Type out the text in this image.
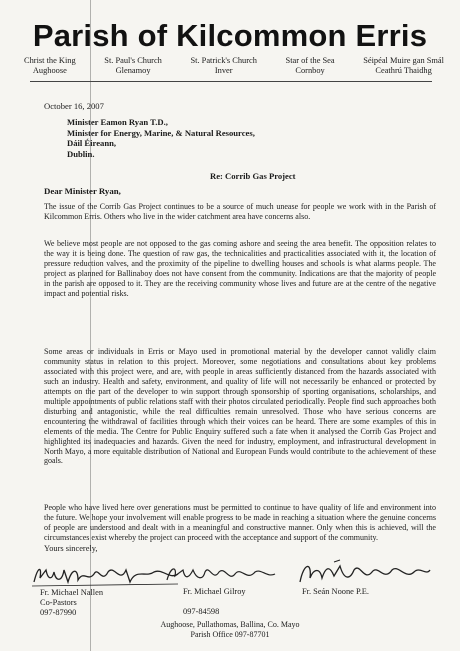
Parish of Kilcommon Erris
Christ the King
Aughoose
St. Paul's Church
Glenamoy
St. Patrick's Church
Inver
Star of the Sea
Cornboy
Séipéal Muire gan Smál
Ceathrú Thaidhg
October 16, 2007
Minister Eamon Ryan T.D.,
Minister for Energy, Marine, & Natural Resources,
Dáil Éireann,
Dublin.
Re: Corrib Gas Project
Dear Minister Ryan,

The issue of the Corrib Gas Project continues to be a source of much unease for people we work with in the Parish of Kilcommon Erris. Others who live in the wider catchment area have concerns also.

We believe most people are not opposed to the gas coming ashore and seeing the area benefit. The opposition relates to the way it is being done. The question of raw gas, the technicalities and practicalities associated with it, the location of pressure reduction valves, and the proximity of the pipeline to dwelling houses and schools is what alarms people. The project as planned for Ballinaboy does not have consent from the community. Indications are that the majority of people in the parish are opposed to it. They are the receiving community whose lives and future are at the centre of the negative impact and potential risks.

Some areas or individuals in Erris or Mayo used in promotional material by the developer cannot validly claim community status in relation to this project. Moreover, some negotiations and consultations about key problems associated with this project were, and are, with people in areas sufficiently distanced from the hazards associated with such an industry. Health and safety, environment, and quality of life will not necessarily be enhanced or protected by attempts on the part of the developer to win support through sponsorship of sporting organisations, scholarships, and multiple appointments of public relations staff with their photos circulated periodically. People find such approaches both disturbing and antagonistic, while the real difficulties remain unresolved. Those who have serious concerns are encountering the withdrawal of facilities through which their voices can be heard. There are some examples of this in elements of the media. The Centre for Public Enquiry suffered such a fate when it analysed the Corrib Gas Project and highlighted its inadequacies and hazards. Given the need for industry, employment, and infrastructural development in North Mayo, a more equitable distribution of National and European Funds would contribute to the achievement of these goals.

People who have lived here over generations must be permitted to continue to have quality of life and environment into the future. We hope your involvement will enable progress to be made in reaching a situation where the genuine concerns of people are understood and dealt with in a meaningful and constructive manner. Only when this is achieved, will the circumstances exist whereby the project can proceed with the acceptance and support of the community.

Yours sincerely,
Fr. Michael Nallen
Co-Pastors
097-87990
Fr. Michael Gilroy

097-84598
Fr. Seán Noone P.E.
Aughoose, Pullathomas, Ballina, Co. Mayo
Parish Office 097-87701
